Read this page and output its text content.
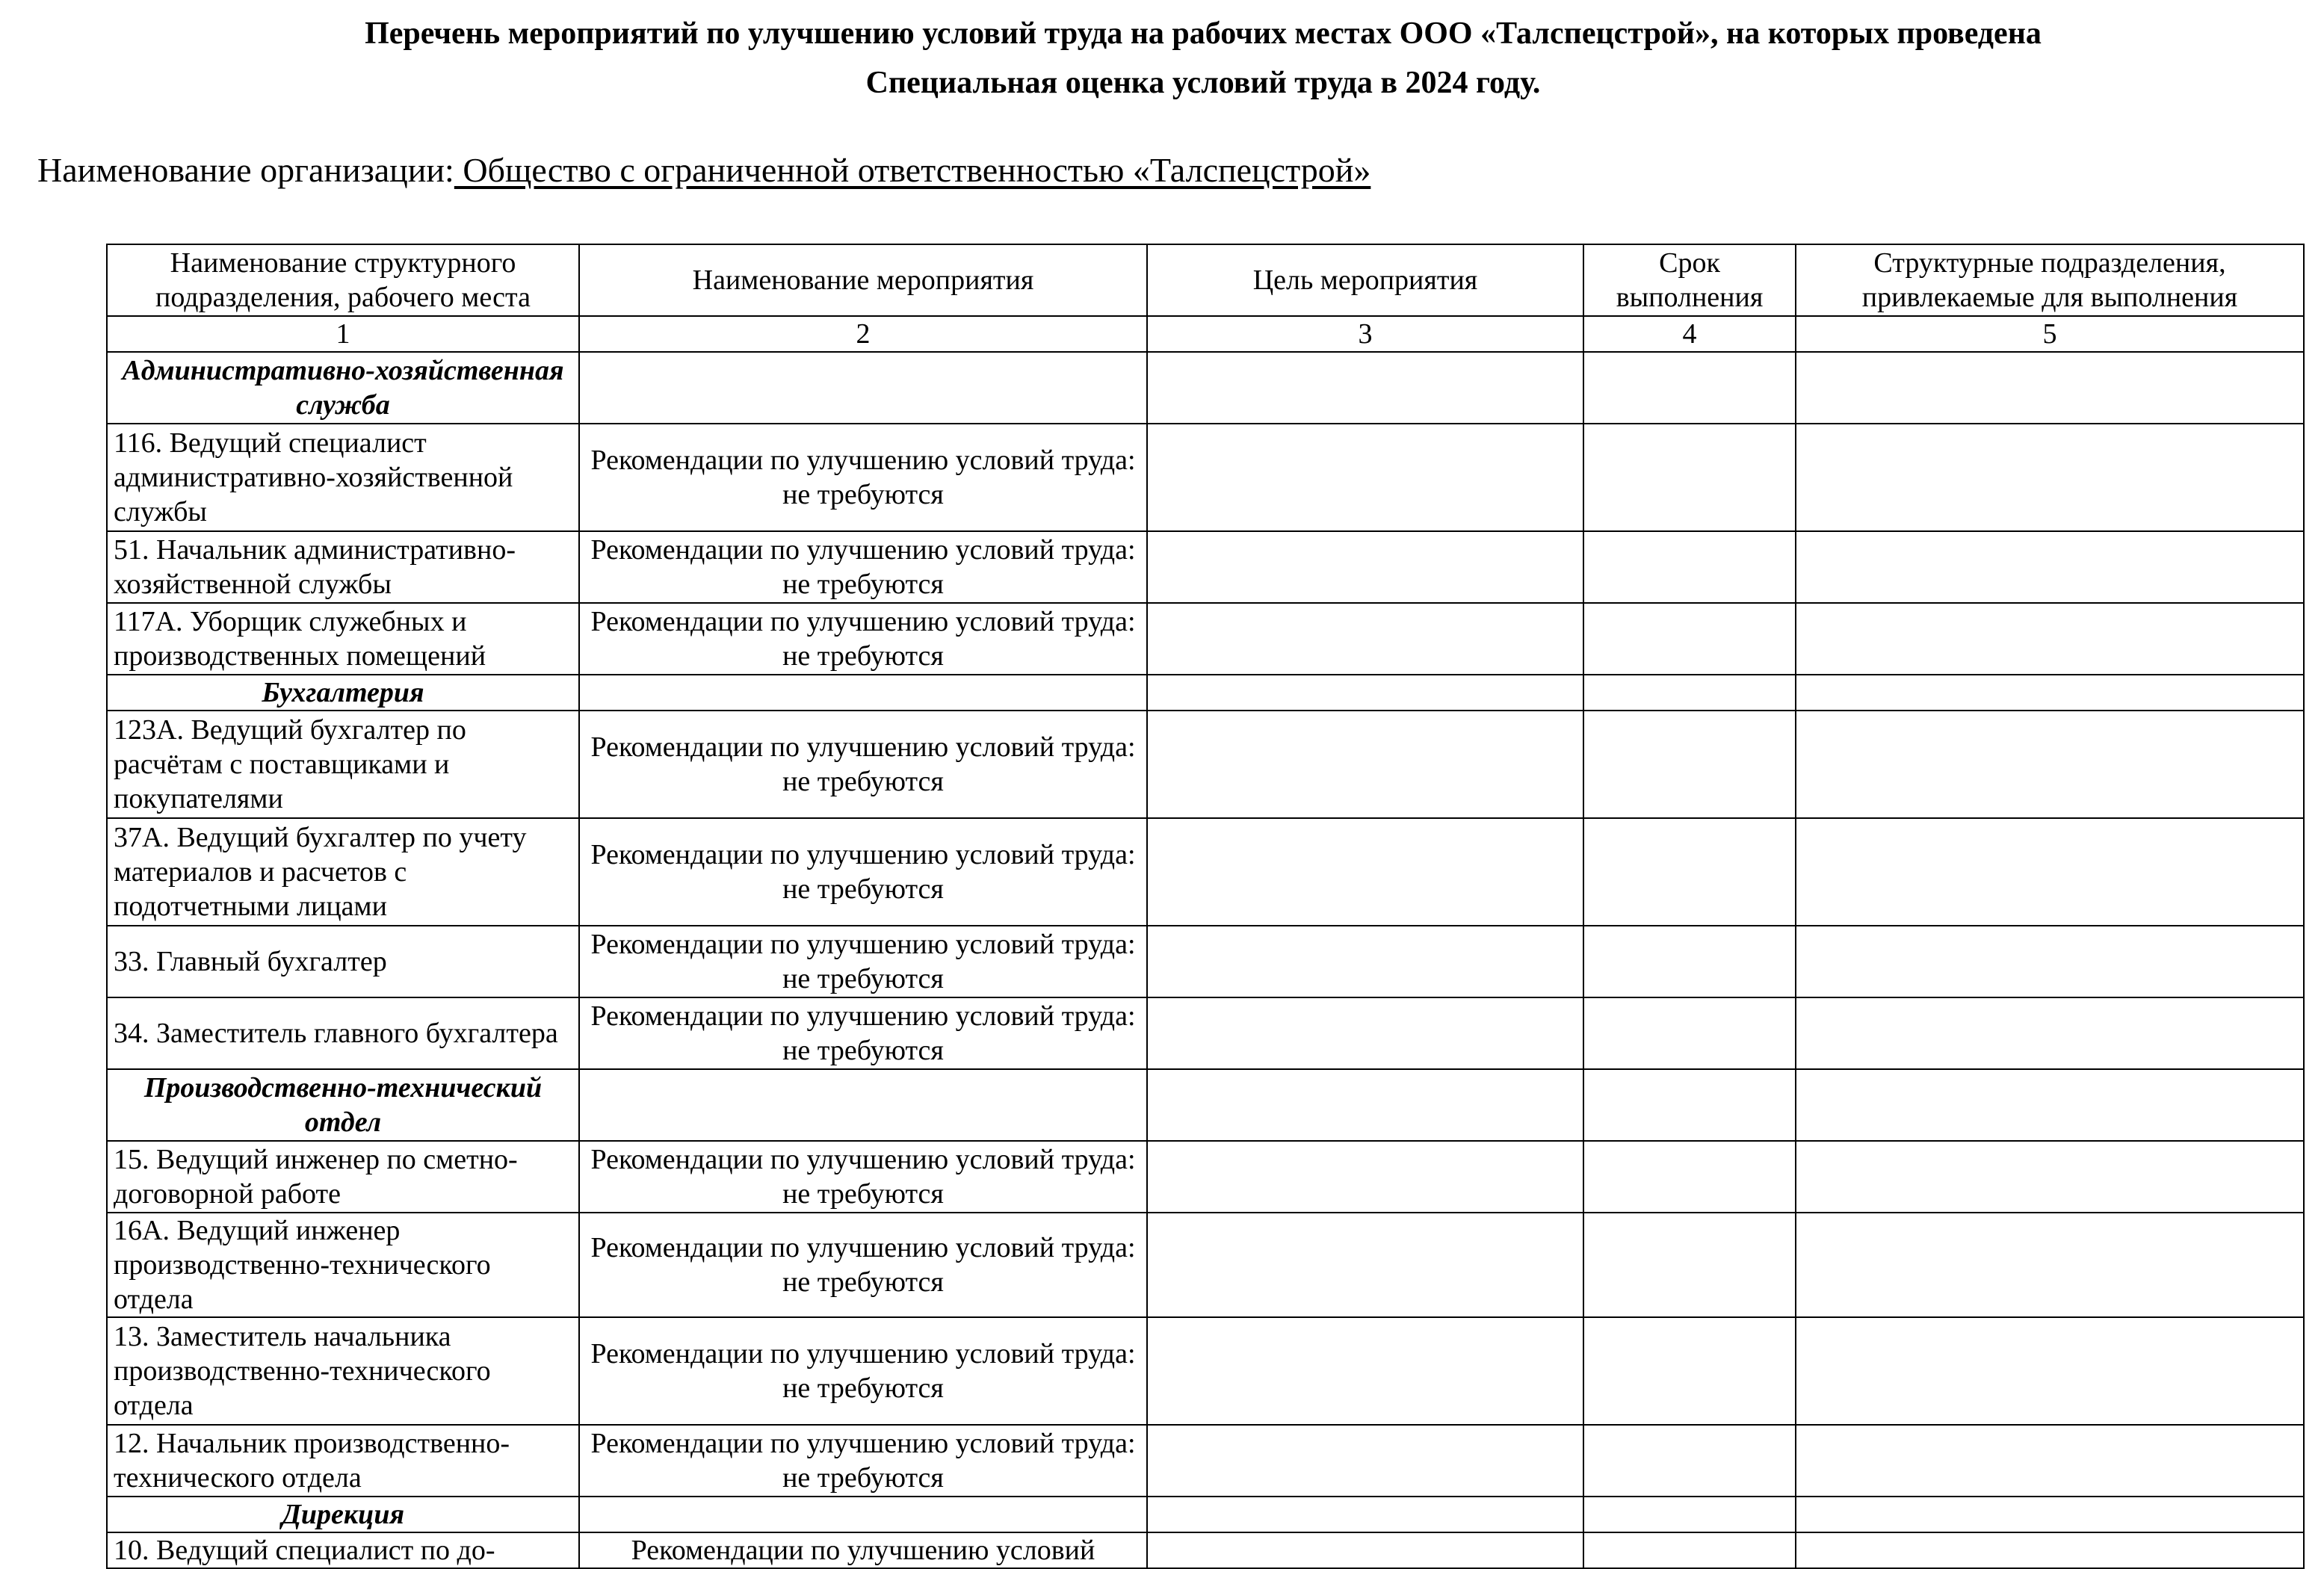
Перечень мероприятий по улучшению условий труда на рабочих местах ООО «Талспецстрой», на которых проведена
Специальная оценка условий труда в 2024 году.
Наименование организации: Общество с ограниченной ответственностью «Талспецстрой»
Наименование структурного подразделения, рабочего места	Наименование мероприятия	Цель мероприятия	Срок выполнения	Структурные подразделения, привлекаемые для выполнения
1	2	3	4	5
Административно-хозяйственная служба				
116. Ведущий специалист административно-хозяйственной службы	Рекомендации по улучшению условий труда: не требуются			
51. Начальник административно-хозяйственной службы	Рекомендации по улучшению условий труда: не требуются			
117А. Уборщик служебных и производственных помещений	Рекомендации по улучшению условий труда: не требуются			
Бухгалтерия				
123А. Ведущий бухгалтер по расчётам с поставщиками и покупателями	Рекомендации по улучшению условий труда: не требуются			
37А. Ведущий бухгалтер по учету материалов и расчетов с подотчетными лицами	Рекомендации по улучшению условий труда: не требуются			
33. Главный бухгалтер	Рекомендации по улучшению условий труда: не требуются			
34. Заместитель главного бухгалтера	Рекомендации по улучшению условий труда: не требуются			
Производственно-технический отдел				
15. Ведущий инженер по сметно-договорной работе	Рекомендации по улучшению условий труда: не требуются			
16А. Ведущий инженер производственно-технического отдела	Рекомендации по улучшению условий труда: не требуются			
13. Заместитель начальника производственно-технического отдела	Рекомендации по улучшению условий труда: не требуются			
12. Начальник производственно-технического отдела	Рекомендации по улучшению условий труда: не требуются			
Дирекция				
10. Ведущий специалист по до-	Рекомендации по улучшению условий			
